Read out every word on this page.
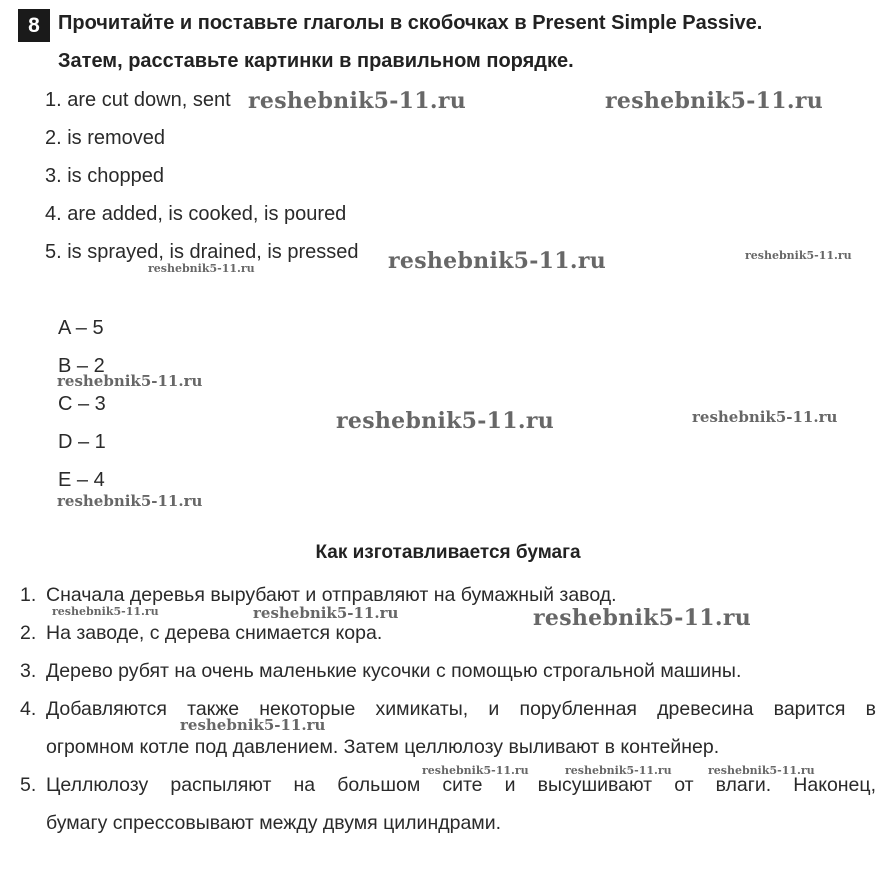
8 Прочитайте и поставьте глаголы в скобочках в Present Simple Passive.
Затем, расставьте картинки в правильном порядке.
1. are cut down, sent
2. is removed
3. is chopped
4. are added, is cooked, is poured
5. is sprayed, is drained, is pressed
A – 5
B – 2
C – 3
D – 1
E – 4
Как изготавливается бумага
1. Сначала деревья вырубают и отправляют на бумажный завод.
2. На заводе, с дерева снимается кора.
3. Дерево рубят на очень маленькие кусочки с помощью строгальной машины.
4. Добавляются также некоторые химикаты, и порубленная древесина варится в
огромном котле под давлением. Затем целлюлозу выливают в контейнер.
5. Целлюлозу распыляют на большом сите и высушивают от влаги. Наконец,
бумагу спрессовывают между двумя цилиндрами.
reshebnik5-11.ru	reshebnik5-11.ru
reshebnik5-11.ru
reshebnik5-11.ru
reshebnik5-11.ru
reshebnik5-11.ru
reshebnik5-11.ru	reshebnik5-11.ru
reshebnik5-11.ru
reshebnik5-11.ru	reshebnik5-11.ru	reshebnik5-11.ru
reshebnik5-11.ru
reshebnik5-11.ru	reshebnik5-11.ru	reshebnik5-11.ru
